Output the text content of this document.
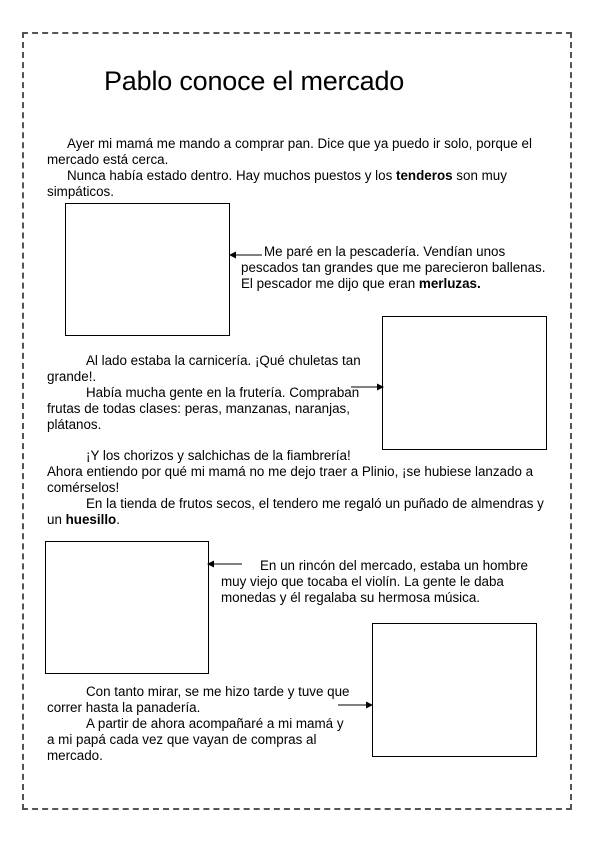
Pablo conoce el mercado
Ayer mi mamá me mando a comprar pan. Dice que ya puedo ir solo, porque el
mercado está cerca.
Nunca había estado dentro. Hay muchos puestos y los tenderos son muy
simpáticos.
Me paré en la pescadería. Vendían unos
pescados tan grandes que me parecieron ballenas.
El pescador me dijo que eran merluzas.
Al lado estaba la carnicería. ¡Qué chuletas tan
grande!.
Había mucha gente en la frutería. Compraban
frutas de todas clases: peras, manzanas, naranjas,
plátanos.
¡Y los chorizos y salchichas de la fiambrería!
Ahora entiendo por qué mi mamá no me dejo traer a Plinio, ¡se hubiese lanzado a
comérselos!
En la tienda de frutos secos, el tendero me regaló un puñado de almendras y
un huesillo.
En un rincón del mercado, estaba un hombre
muy viejo que tocaba el violín. La gente le daba
monedas y él regalaba su hermosa música.
Con tanto mirar, se me hizo tarde y tuve que
correr hasta la panadería.
A partir de ahora acompañaré a mi mamá y
a mi papá cada vez que vayan de compras al
mercado.
